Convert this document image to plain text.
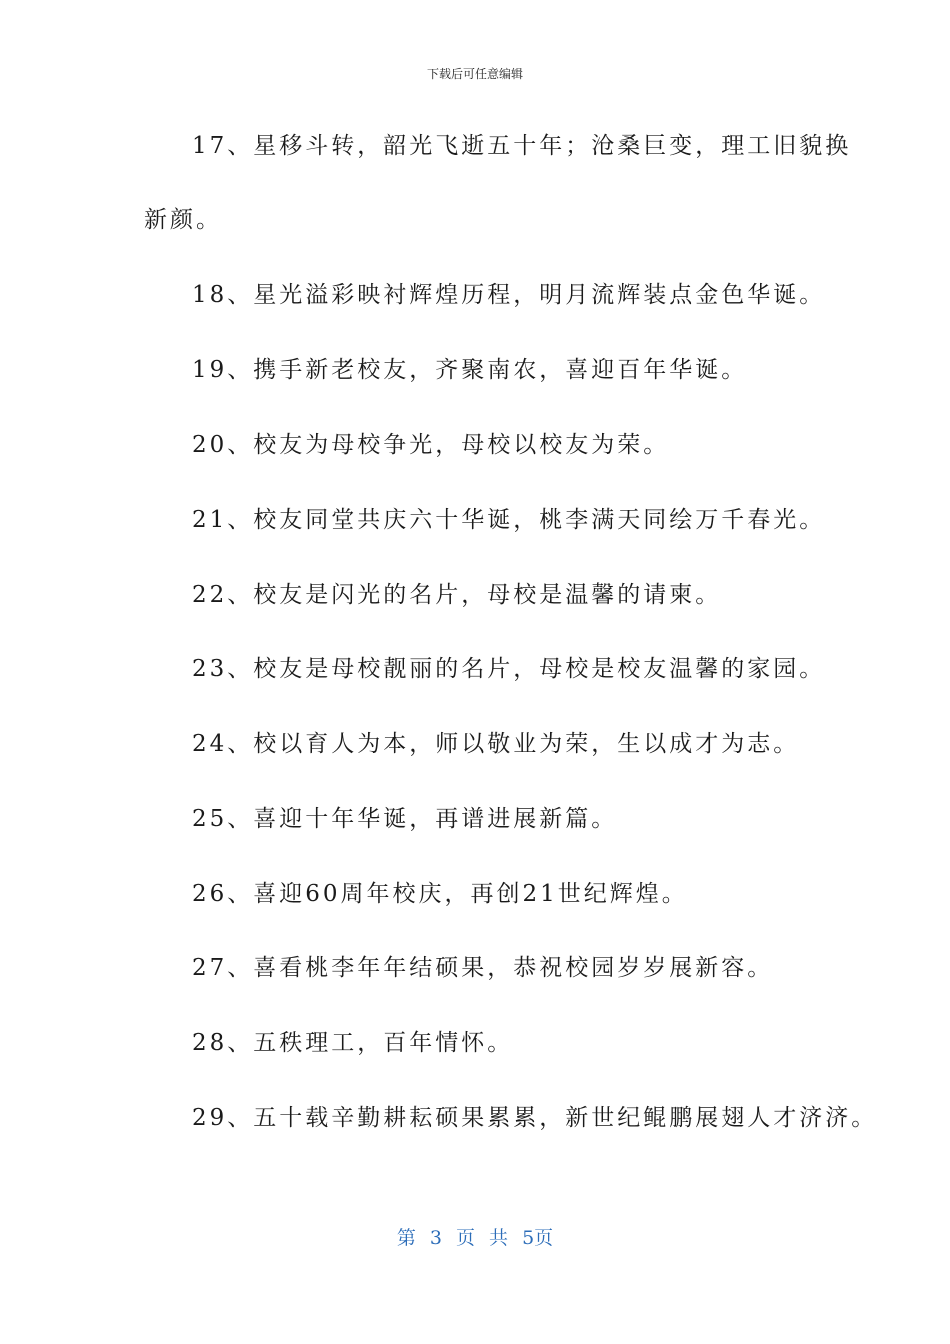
下载后可任意编辑
17、星移斗转，韶光飞逝五十年；沧桑巨变，理工旧貌换
新颜。
18、星光溢彩映衬辉煌历程，明月流辉装点金色华诞。
19、携手新老校友，齐聚南农，喜迎百年华诞。
20、校友为母校争光，母校以校友为荣。
21、校友同堂共庆六十华诞，桃李满天同绘万千春光。
22、校友是闪光的名片，母校是温馨的请柬。
23、校友是母校靓丽的名片，母校是校友温馨的家园。
24、校以育人为本，师以敬业为荣，生以成才为志。
25、喜迎十年华诞，再谱进展新篇。
26、喜迎60周年校庆，再创21世纪辉煌。
27、喜看桃李年年结硕果，恭祝校园岁岁展新容。
28、五秩理工，百年情怀。
29、五十载辛勤耕耘硕果累累，新世纪鲲鹏展翅人才济济。
第 3 页 共 5页
